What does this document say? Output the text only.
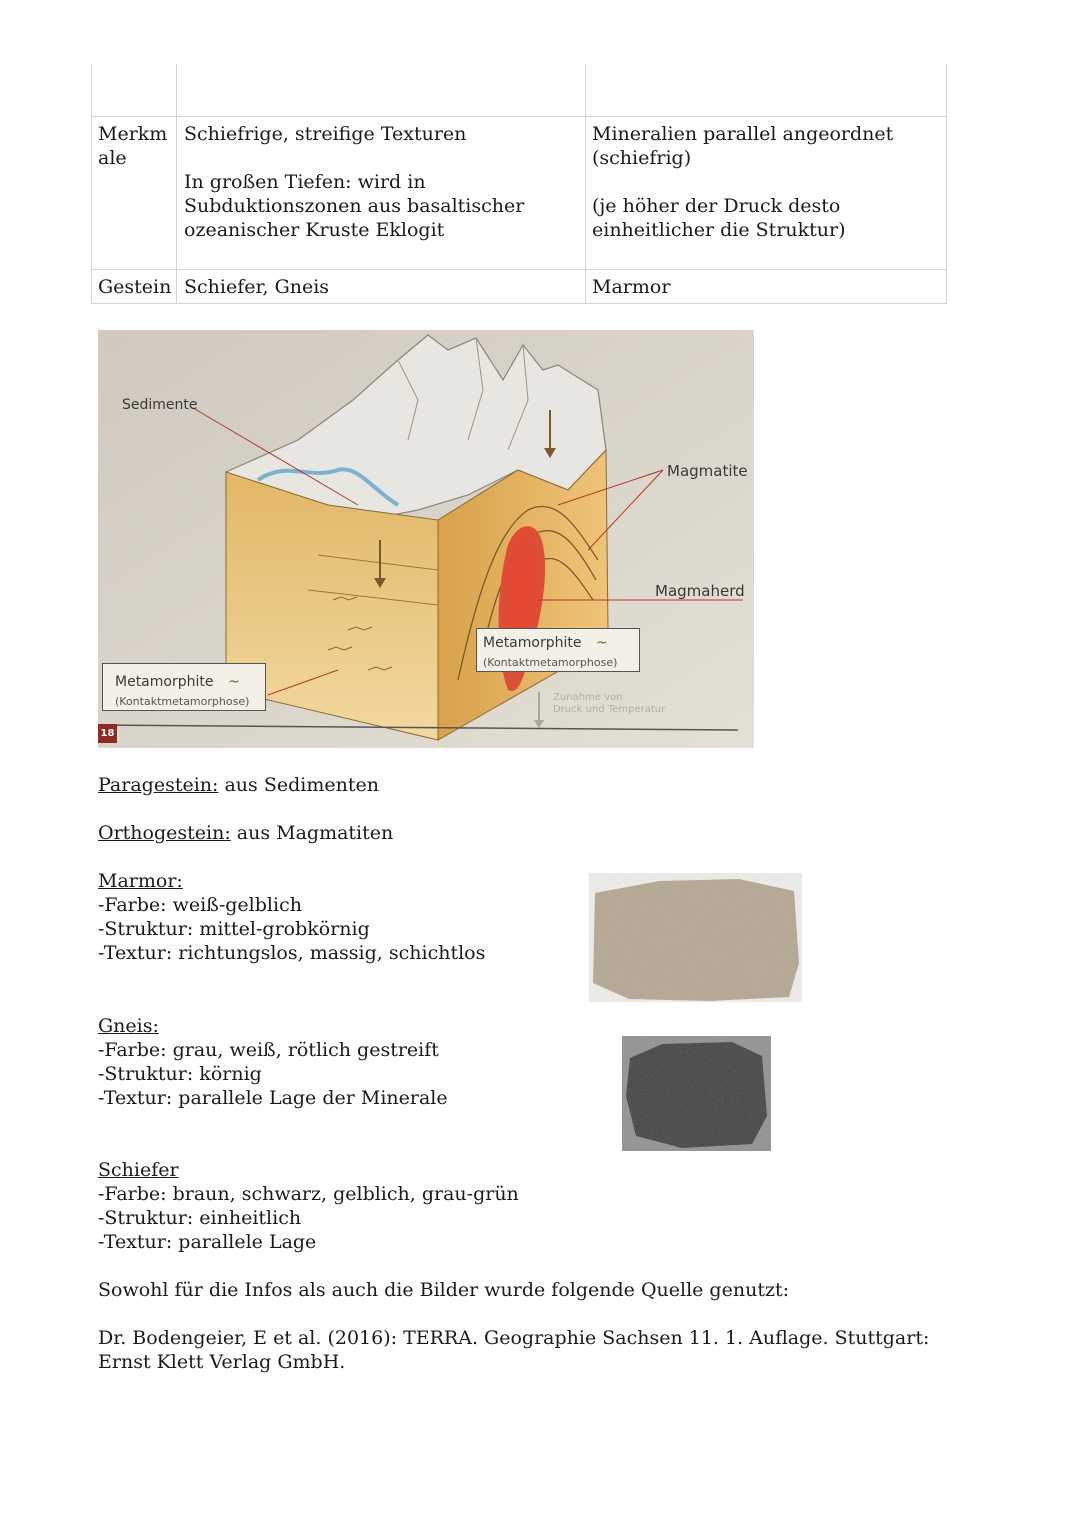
Merkm
ale
Schiefrige, streifige Texturen
In großen Tiefen: wird in
Subduktionszonen aus basaltischer
ozeanischer Kruste Eklogit
Mineralien parallel angeordnet
(schiefrig)
(je höher der Druck desto
einheitlicher die Struktur)
Gestein Schiefer, Gneis	Marmor
Sedimente
Magmatite
Magmaherd
Metamorphite ~
(Kontaktmetamorphose)
Metamorphite ~
(Kontaktmetamorphose)	Zunahme von
Druck und Temperatur
18
Paragestein: aus Sedimenten
Orthogestein: aus Magmatiten
Marmor:
-Farbe: weiß-gelblich
-Struktur: mittel-grobkörnig
-Textur: richtungslos, massig, schichtlos
Gneis:
-Farbe: grau, weiß, rötlich gestreift
-Struktur: körnig
-Textur: parallele Lage der Minerale
Schiefer
-Farbe: braun, schwarz, gelblich, grau-grün
-Struktur: einheitlich
-Textur: parallele Lage
Sowohl für die Infos als auch die Bilder wurde folgende Quelle genutzt:
Dr. Bodengeier, E et al. (2016): TERRA. Geographie Sachsen 11. 1. Auflage. Stuttgart:
Ernst Klett Verlag GmbH.
